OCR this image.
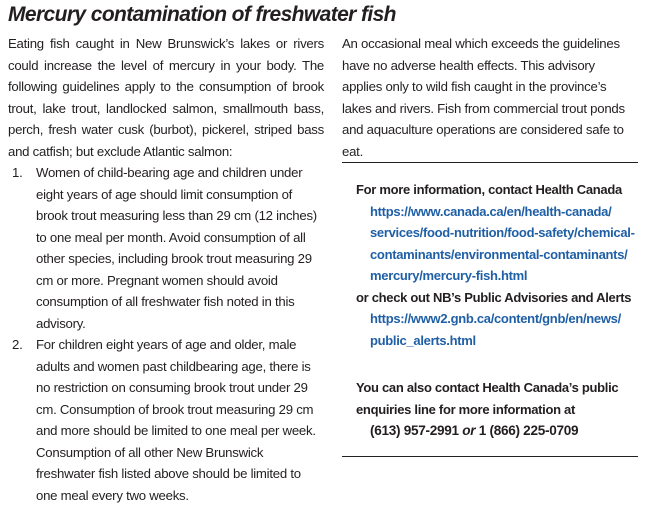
Mercury contamination of freshwater fish

Eating fish caught in New Brunswick’s lakes or rivers could increase the level of mercury in your body. The following guidelines apply to the consumption of brook trout, lake trout, landlocked salmon, smallmouth bass, perch, fresh water cusk (burbot), pickerel, striped bass and catfish; but exclude Atlantic salmon:

1. Women of child-bearing age and children under eight years of age should limit consumption of brook trout measuring less than 29 cm (12 inches) to one meal per month. Avoid consumption of all other species, including brook trout measuring 29 cm or more. Pregnant women should avoid consumption of all freshwater fish noted in this advisory.
2. For children eight years of age and older, male adults and women past childbearing age, there is no restriction on consuming brook trout under 29 cm. Consumption of brook trout measuring 29 cm and more should be limited to one meal per week. Consumption of all other New Brunswick freshwater fish listed above should be limited to one meal every two weeks.

An occasional meal which exceeds the guidelines have no adverse health effects. This advisory applies only to wild fish caught in the province’s lakes and rivers. Fish from commercial trout ponds and aquaculture operations are considered safe to eat.

For more information, contact Health Canada
https://www.canada.ca/en/health-canada/
services/food-nutrition/food-safety/chemical-
contaminants/environmental-contaminants/
mercury/mercury-fish.html
or check out NB’s Public Advisories and Alerts
https://www2.gnb.ca/content/gnb/en/news/
public_alerts.html
You can also contact Health Canada’s public
enquiries line for more information at
(613) 957-2991 or 1 (866) 225-0709
